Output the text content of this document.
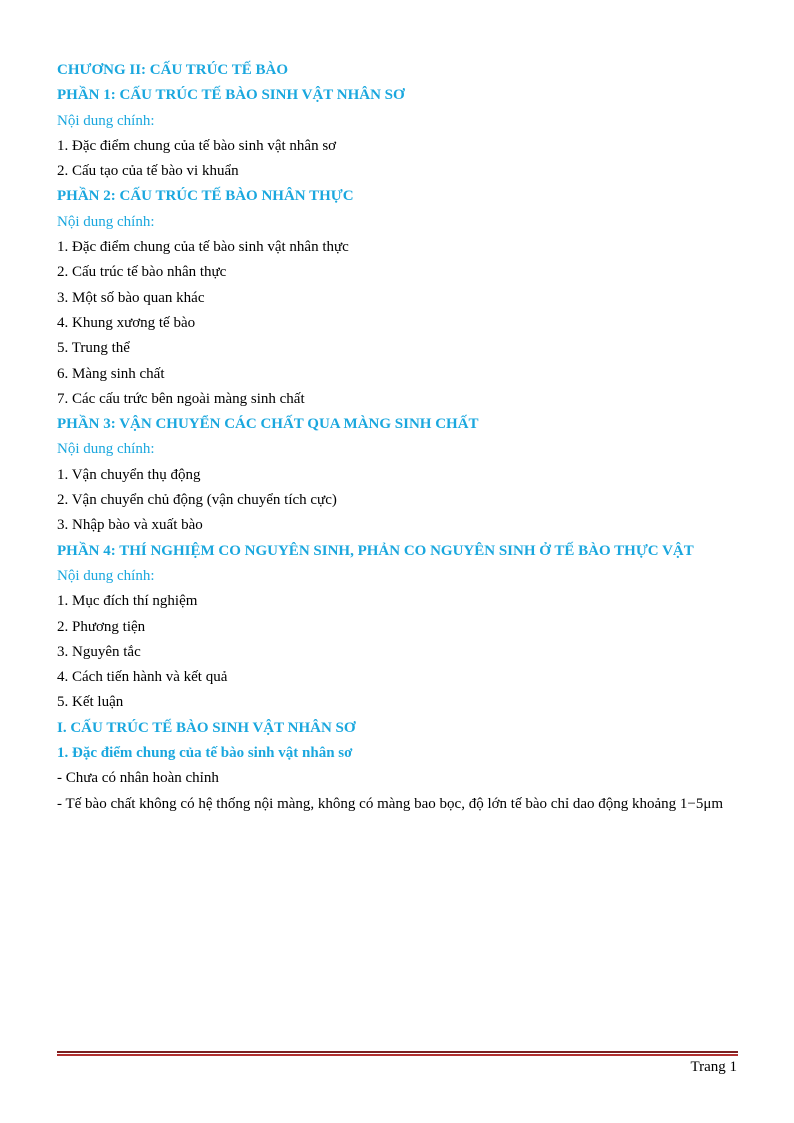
CHƯƠNG II: CẤU TRÚC TẾ BÀO
PHẦN 1: CẤU TRÚC TẾ BÀO SINH VẬT NHÂN SƠ
Nội dung chính:
1. Đặc điểm chung của tế bào sinh vật nhân sơ
2. Cấu tạo của tế bào vi khuẩn
PHẦN 2: CẤU TRÚC TẾ BÀO NHÂN THỰC
Nội dung chính:
1. Đặc điểm chung của tế bào sinh vật nhân thực
2. Cấu trúc tế bào nhân thực
3. Một số bào quan khác
4. Khung xương tế bào
5. Trung thể
6. Màng sinh chất
7. Các cấu trức bên ngoài màng sinh chất
PHẦN 3: VẬN CHUYỂN CÁC CHẤT QUA MÀNG SINH CHẤT
Nội dung chính:
1. Vận chuyển thụ động
2. Vận chuyển chủ động (vận chuyển tích cực)
3. Nhập bào và xuất bào
PHẦN 4: THÍ NGHIỆM CO NGUYÊN SINH, PHẢN CO NGUYÊN SINH Ở TẾ BÀO THỰC VẬT
Nội dung chính:
1. Mục đích thí nghiệm
2. Phương tiện
3. Nguyên tắc
4. Cách tiến hành và kết quả
5. Kết luận
I. CẤU TRÚC TẾ BÀO SINH VẬT NHÂN SƠ
1. Đặc điểm chung của tế bào sinh vật nhân sơ
- Chưa có nhân hoàn chỉnh
- Tế bào chất không có hệ thống nội màng, không có màng bao bọc, độ lớn tế bào chỉ dao động khoảng 1−5μm
Trang 1
